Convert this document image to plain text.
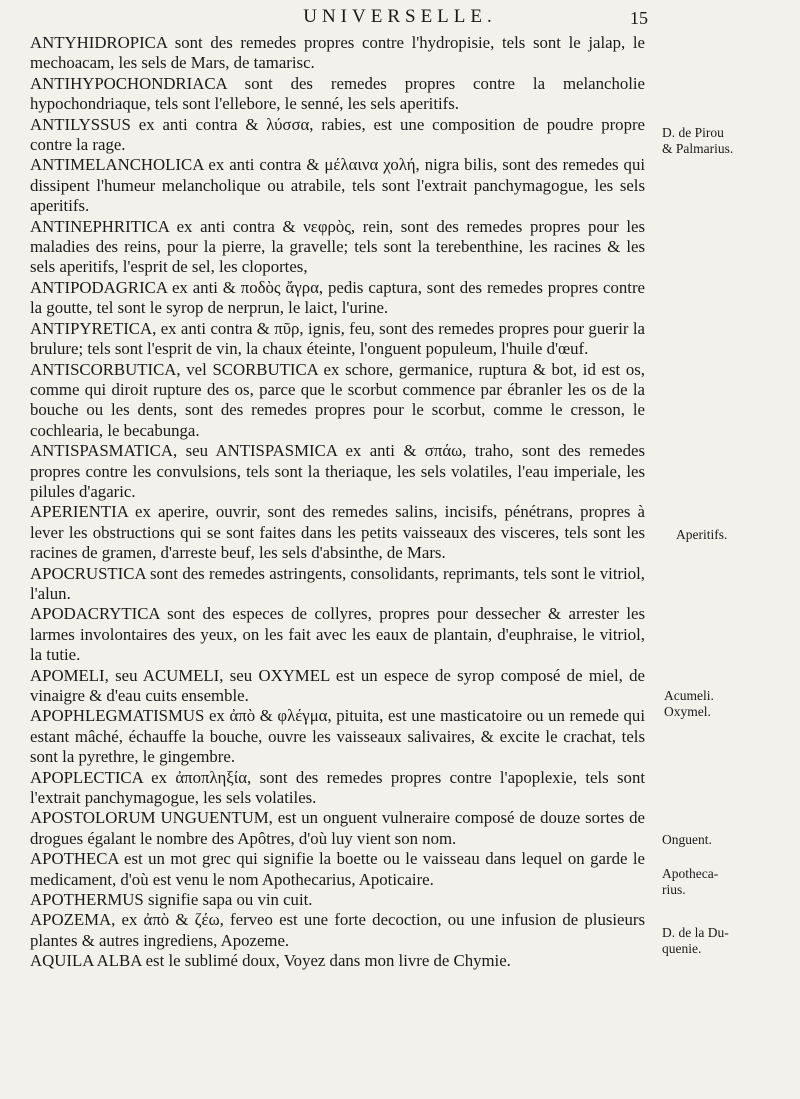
UNIVERSELLE.	15

ANTYHIDROPICA sont des remedes propres contre l'hydropisie, tels sont le jalap, le mechoacam, les sels de Mars, de tamarisc.

ANTIHYPOCHONDRIACA sont des remedes propres contre la melancholie hypochondriaque, tels sont l'ellebore, le senné, les sels aperitifs.

ANTILYSSUS ex anti contra & λύσσα, rabies, est une composition de poudre propre contre la rage.

ANTIMELANCHOLICA ex anti contra & μέλαινα χολή, nigra bilis, sont des remedes qui dissipent l'humeur melancholique ou atrabile, tels sont l'extrait panchymagogue, les sels aperitifs.

ANTINEPHRITICA ex anti contra & νεφρὸς, rein, sont des remedes propres pour les maladies des reins, pour la pierre, la gravelle; tels sont la terebenthine, les racines & les sels aperitifs, l'esprit de sel, les cloportes,

ANTIPODAGRICA ex anti & ποδὸς ἄγρα, pedis captura, sont des remedes propres contre la goutte, tel sont le syrop de nerprun, le laict, l'urine.

ANTIPYRETICA, ex anti contra & πῦρ, ignis, feu, sont des remedes propres pour guerir la brulure; tels sont l'esprit de vin, la chaux éteinte, l'onguent populeum, l'huile d'œuf.

ANTISCORBUTICA, vel SCORBUTICA ex schore, germanice, ruptura & bot, id est os, comme qui diroit rupture des os, parce que le scorbut commence par ébranler les os de la bouche ou les dents, sont des remedes propres pour le scorbut, comme le cresson, le cochlearia, le becabunga.

ANTISPASMATICA, seu ANTISPASMICA ex anti & σπάω, traho, sont des remedes propres contre les convulsions, tels sont la theriaque, les sels volatiles, l'eau imperiale, les pilules d'agaric.

APERIENTIA ex aperire, ouvrir, sont des remedes salins, incisifs, pénétrans, propres à lever les obstructions qui se sont faites dans les petits vaisseaux des visceres, tels sont les racines de gramen, d'arreste beuf, les sels d'absinthe, de Mars.

APOCRUSTICA sont des remedes astringents, consolidants, reprimants, tels sont le vitriol, l'alun.

APODACRYTICA sont des especes de collyres, propres pour dessecher & arrester les larmes involontaires des yeux, on les fait avec les eaux de plantain, d'euphraise, le vitriol, la tutie.

APOMELI, seu ACUMELI, seu OXYMEL est un espece de syrop composé de miel, de vinaigre & d'eau cuits ensemble.

APOPHLEGMATISMUS ex ἀπὸ & φλέγμα, pituita, est une masticatoire ou un remede qui estant mâché, échauffe la bouche, ouvre les vaisseaux salivaires, & excite le crachat, tels sont la pyrethre, le gingembre.

APOPLECTICA ex ἀποπληξία, sont des remedes propres contre l'apoplexie, tels sont l'extrait panchymagogue, les sels volatiles.

APOSTOLORUM UNGUENTUM, est un onguent vulneraire composé de douze sortes de drogues égalant le nombre des Apôtres, d'où luy vient son nom.

APOTHECA est un mot grec qui signifie la boette ou le vaisseau dans lequel on garde le medicament, d'où est venu le nom Apothecarius, Apoticaire.

APOTHERMUS signifie sapa ou vin cuit.

APOZEMA, ex ἀπὸ & ζέω, ferveo est une forte decoction, ou une infusion de plusieurs plantes & autres ingrediens, Apozeme.

AQUILA ALBA est le sublimé doux, Voyez dans mon livre de Chymie.

D. de Pirou
& Palmarius.
Aperitifs.
Acumeli.
Oxymel.
Onguent.
Apotheca-
rius.
D. de la Du-
quenie.
